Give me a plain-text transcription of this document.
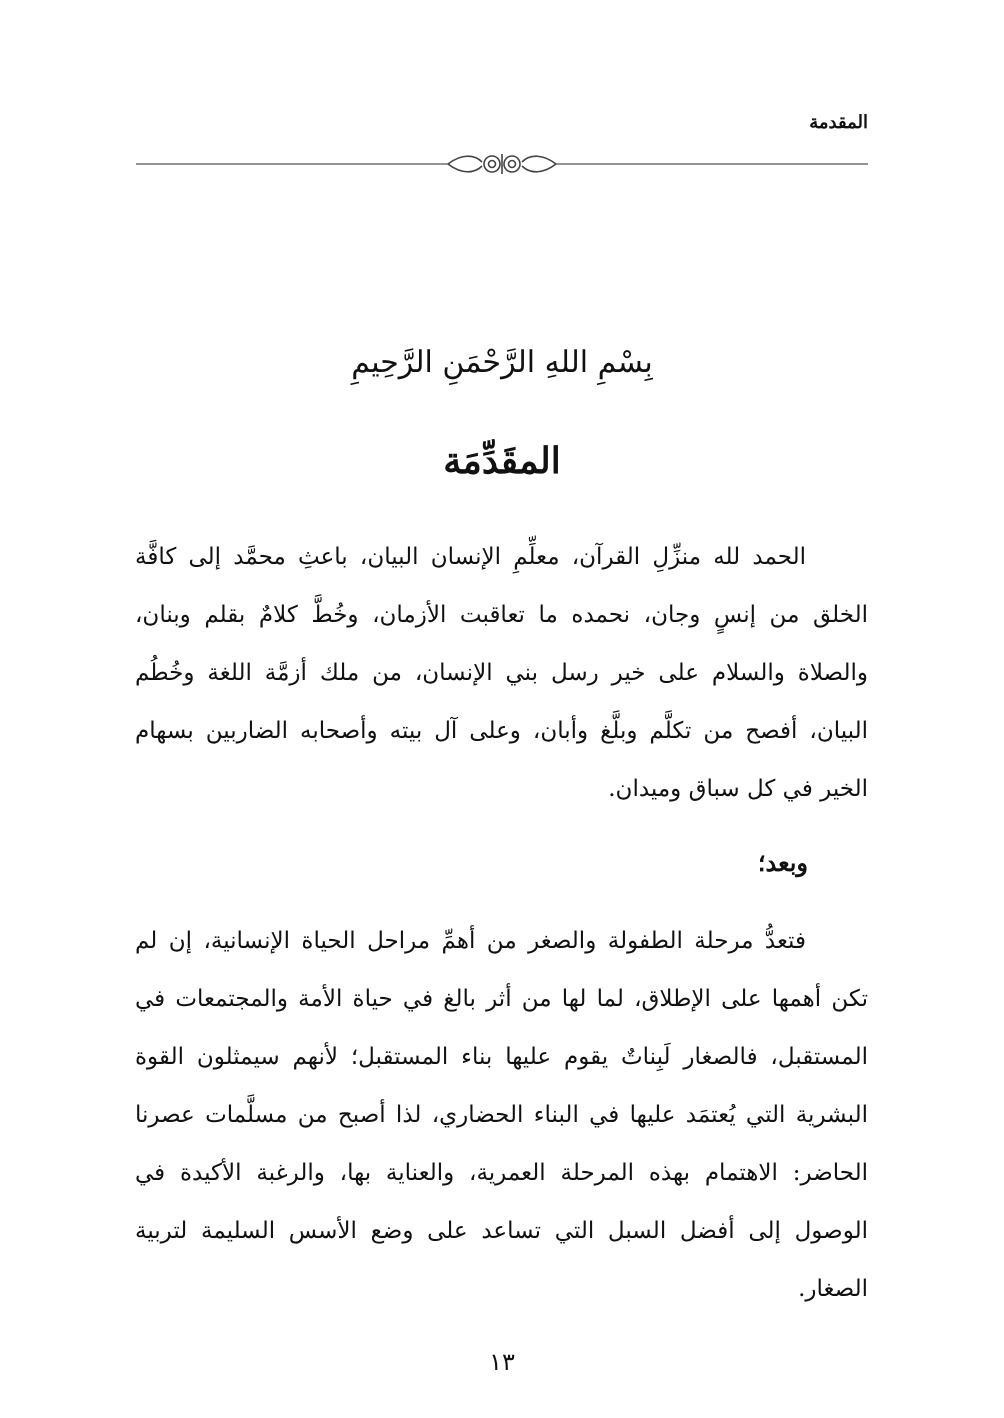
المقدمة
بِسْمِ اللهِ الرَّحْمَنِ الرَّحِيمِ
المقَدِّمَة

الحمد لله منزِّلِ القرآن، معلِّمِ الإنسان البيان، باعثِ محمَّد إلى كافَّة الخلق من إنسٍ وجان، نحمده ما تعاقبت الأزمان، وخُطَّ كلامٌ بقلم وبنان، والصلاة والسلام على خير رسل بني الإنسان، من ملك أزمَّة اللغة وخُطُم البيان، أفصح من تكلَّم وبلَّغ وأبان، وعلى آل بيته وأصحابه الضاربين بسهام الخير في كل سباق وميدان.

وبعد؛

فتعدُّ مرحلة الطفولة والصغر من أهمِّ مراحل الحياة الإنسانية، إن لم تكن أهمها على الإطلاق، لما لها من أثر بالغ في حياة الأمة والمجتمعات في المستقبل، فالصغار لَبِناتٌ يقوم عليها بناء المستقبل؛ لأنهم سيمثلون القوة البشرية التي يُعتمَد عليها في البناء الحضاري، لذا أصبح من مسلَّمات عصرنا الحاضر: الاهتمام بهذه المرحلة العمرية، والعناية بها، والرغبة الأكيدة في الوصول إلى أفضل السبل التي تساعد على وضع الأسس السليمة لتربية الصغار.

١٣
